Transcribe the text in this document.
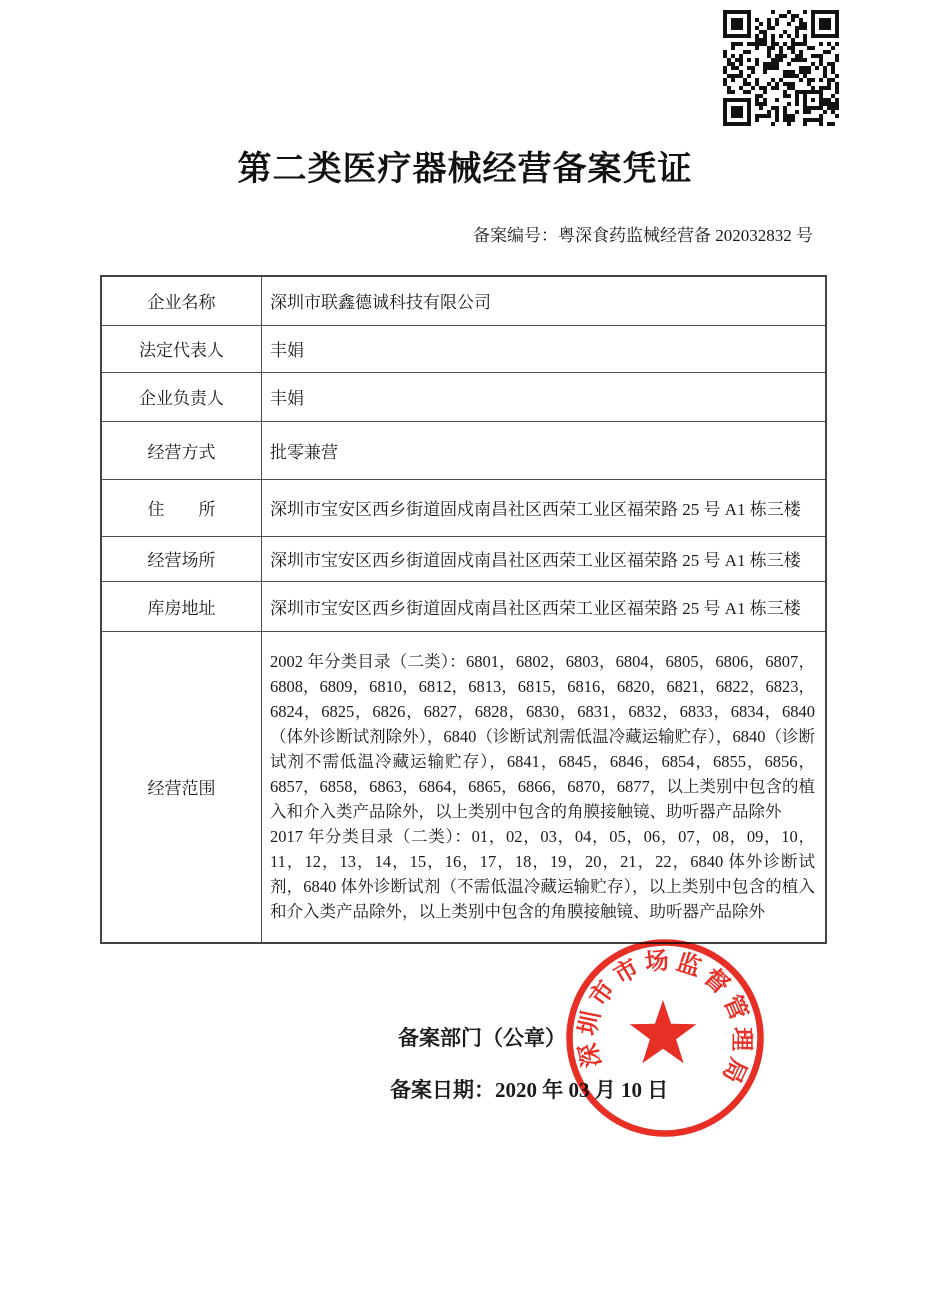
第二类医疗器械经营备案凭证
备案编号：粤深食药监械经营备 202032832 号
企业名称	深圳市联鑫德诚科技有限公司
法定代表人	丰娟
企业负责人	丰娟
经营方式	批零兼营
住　　所	深圳市宝安区西乡街道固戍南昌社区西荣工业区福荣路 25 号 A1 栋三楼
经营场所	深圳市宝安区西乡街道固戍南昌社区西荣工业区福荣路 25 号 A1 栋三楼
库房地址	深圳市宝安区西乡街道固戍南昌社区西荣工业区福荣路 25 号 A1 栋三楼
经营范围	2002 年分类目录（二类）：6801，6802，6803，6804，6805，6806，6807，6808，6809，6810，6812，6813，6815，6816，6820，6821，6822，6823，6824，6825，6826，6827，6828，6830，6831，6832，6833，6834，6840（体外诊断试剂除外），6840（诊断试剂需低温冷藏运输贮存），6840（诊断试剂不需低温冷藏运输贮存），6841，6845，6846，6854，6855，6856，6857，6858，6863，6864，6865，6866，6870，6877，以上类别中包含的植入和介入类产品除外，以上类别中包含的角膜接触镜、助听器产品除外

2017 年分类目录（二类）：01，02，03，04，05，06，07，08，09，10，11，12，13，14，15，16，17，18，19，20，21，22，6840 体外诊断试剂，6840 体外诊断试剂（不需低温冷藏运输贮存），以上类别中包含的植入和介入类产品除外，以上类别中包含的角膜接触镜、助听器产品除外

备案部门（公章）
备案日期：2020 年 03 月 10 日
深
圳
市
市 场 监
督
管
理
局
